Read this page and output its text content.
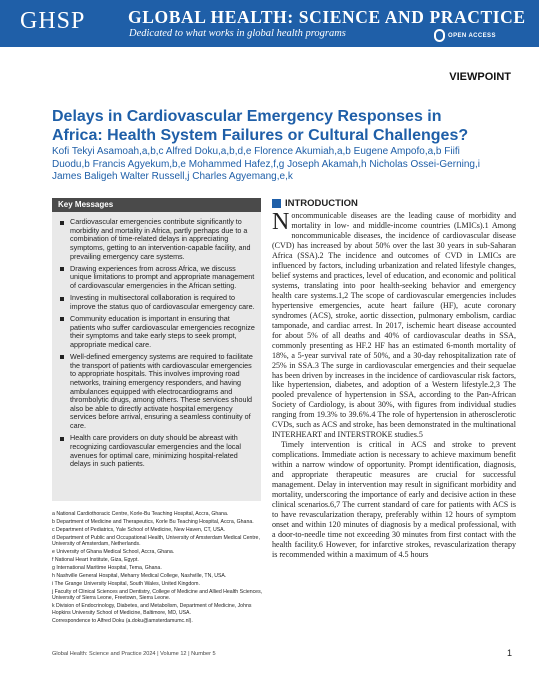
GHSP GLOBAL HEALTH: SCIENCE AND PRACTICE
Dedicated to what works in global health programs	OPEN ACCESS
VIEWPOINT
Delays in Cardiovascular Emergency Responses in Africa: Health System Failures or Cultural Challenges?
Kofi Tekyi Asamoah,a,b,c Alfred Doku,a,b,d,e Florence Akumiah,a,b Eugene Ampofo,a,b Fiifi Duodu,b Francis Agyekum,b,e Mohammed Hafez,f,g Joseph Akamah,h Nicholas Ossei-Gerning,i James Baligeh Walter Russell,j Charles Agyemang,e,k
Key Messages
Cardiovascular emergencies contribute significantly to morbidity and mortality in Africa, partly perhaps due to a combination of time-related delays in appreciating symptoms, getting to an intervention-capable facility, and prevailing emergency care systems.
Drawing experiences from across Africa, we discuss unique limitations to prompt and appropriate management of cardiovascular emergencies in the African setting.
Investing in multisectoral collaboration is required to improve the status quo of cardiovascular emergency care.
Community education is important in ensuring that patients who suffer cardiovascular emergencies recognize their symptoms and take early steps to seek prompt, appropriate medical care.
Well-defined emergency systems are required to facilitate the transport of patients with cardiovascular emergencies to appropriate hospitals. This involves improving road networks, training emergency responders, and having ambulances equipped with electrocardiograms and thrombolytic drugs, among others. These services should also be able to directly activate hospital emergency services before arrival, ensuring a seamless continuity of care.
Health care providers on duty should be abreast with recognizing cardiovascular emergencies and the local avenues for optimal care, minimizing hospital-related delays in such patients.
a National Cardiothoracic Centre, Korle-Bu Teaching Hospital, Accra, Ghana.
b Department of Medicine and Therapeutics, Korle Bu Teaching Hospital, Accra, Ghana.
c Department of Pediatrics, Yale School of Medicine, New Haven, CT, USA.
d Department of Public and Occupational Health, University of Amsterdam Medical Centre, University of Amsterdam, Netherlands.
e University of Ghana Medical School, Accra, Ghana.
f National Heart Institute, Giza, Egypt.
g International Maritime Hospital, Tema, Ghana.
h Nashville General Hospital, Meharry Medical College, Nashville, TN, USA.
i The Grange University Hospital, South Wales, United Kingdom.
j Faculty of Clinical Sciences and Dentistry, College of Medicine and Allied Health Sciences, University of Sierra Leone, Freetown, Sierra Leone.
k Division of Endocrinology, Diabetes, and Metabolism, Department of Medicine, Johns Hopkins University School of Medicine, Baltimore, MD, USA.
Correspondence to Alfred Doku (a.doku@amsterdamumc.nl).
INTRODUCTION

Noncommunicable diseases are the leading cause of morbidity and mortality in low- and middle-income countries (LMICs).1 Among noncommunicable diseases, the incidence of cardiovascular disease (CVD) has increased by about 50% over the last 30 years in sub-Saharan Africa (SSA).2 The incidence and outcomes of CVD in LMICs are influenced by factors, including urbanization and related lifestyle changes, belief systems and practices, level of education, and economic and political systems, translating into poor health-seeking behavior and emergency health care systems.1,2 The scope of cardiovascular emergencies includes hypertensive emergencies, acute heart failure (HF), acute coronary syndromes (ACS), stroke, aortic dissection, pulmonary embolism, cardiac tamponade, and cardiac arrest. In 2017, ischemic heart disease accounted for about 5% of all deaths and 40% of cardiovascular deaths in SSA, commonly presenting as HF.2 HF has an estimated 6-month mortality of 18%, a 5-year survival rate of 50%, and a 30-day rehospitalization rate of 25% in SSA.3 The surge in cardiovascular emergencies and their sequelae has been driven by increases in the incidence of cardiovascular risk factors, like hypertension, diabetes, and adoption of a Western lifestyle.2,3 The pooled prevalence of hypertension in SSA, according to the Pan-African Society of Cardiology, is about 30%, with figures from individual studies ranging from 19.3% to 39.6%.4 The role of hypertension in atherosclerotic CVDs, such as ACS and stroke, has been demonstrated in the multinational INTERHEART and INTERSTROKE studies.5

Timely intervention is critical in ACS and stroke to prevent complications. Immediate action is necessary to achieve maximum benefit within a narrow window of opportunity. Prompt identification, diagnosis, and appropriate therapeutic measures are crucial for successful management. Delay in intervention may result in significant morbidity and mortality, underscoring the importance of early and decisive action in these clinical scenarios.6,7 The current standard of care for patients with ACS is to have revascularization therapy, preferably within 12 hours of symptom onset and within 120 minutes of diagnosis by a medical professional, with a door-to-needle time not exceeding 30 minutes from first contact with the health facility.6 However, for infarctive strokes, revascularization therapy is recommended within a maximum of 4.5 hours

Global Health: Science and Practice 2024 | Volume 12 | Number 5	1
